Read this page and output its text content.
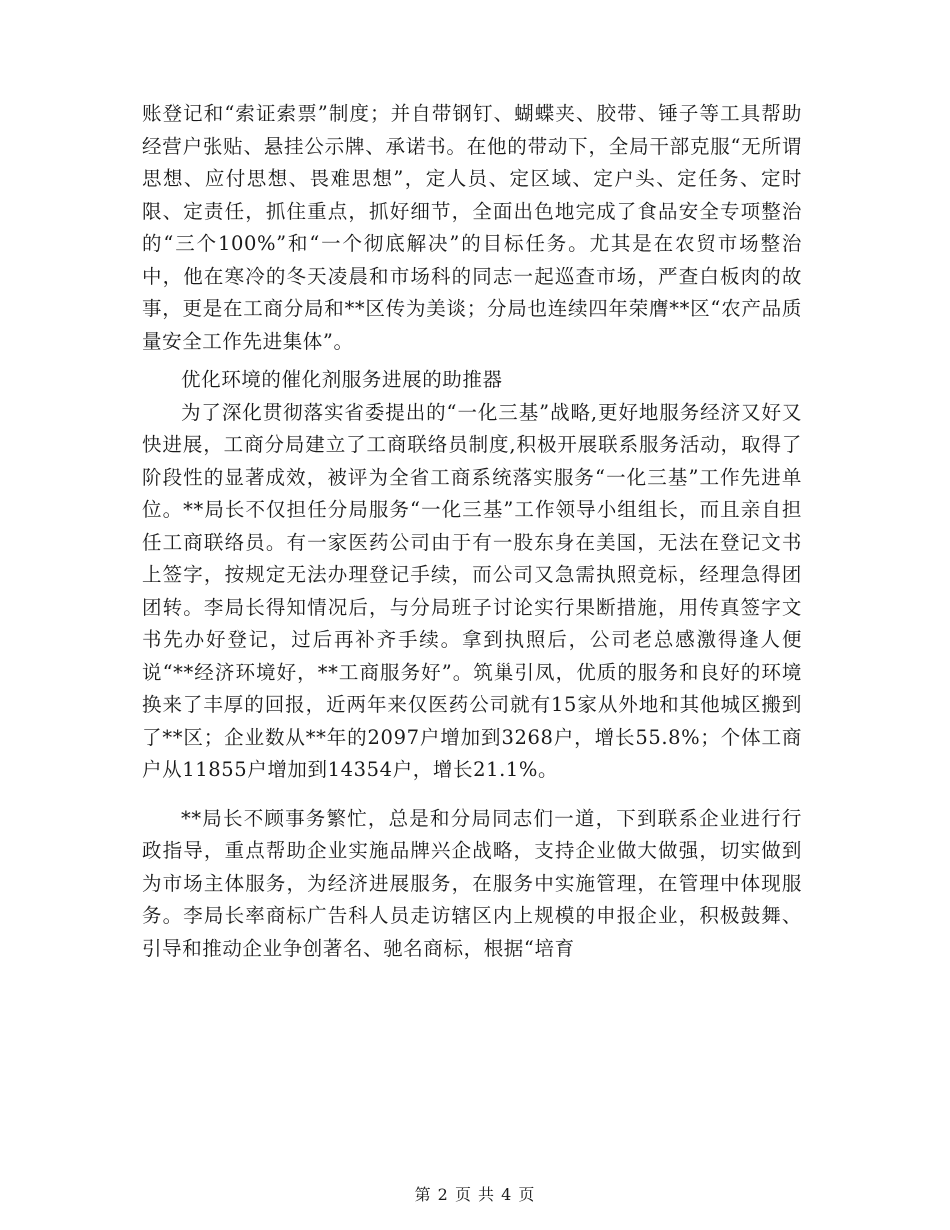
账登记和“索证索票”制度；并自带钢钉、蝴蝶夹、胶带、锤子等工具帮助经营户张贴、悬挂公示牌、承诺书。在他的带动下，全局干部克服“无所谓思想、应付思想、畏难思想”，定人员、定区域、定户头、定任务、定时限、定责任，抓住重点，抓好细节，全面出色地完成了食品安全专项整治的“三个100%”和“一个彻底解决”的目标任务。尤其是在农贸市场整治中，他在寒冷的冬天凌晨和市场科的同志一起巡查市场，严查白板肉的故事，更是在工商分局和**区传为美谈；分局也连续四年荣膺**区“农产品质量安全工作先进集体”。

优化环境的催化剂服务进展的助推器

为了深化贯彻落实省委提出的“一化三基”战略,更好地服务经济又好又快进展，工商分局建立了工商联络员制度,积极开展联系服务活动，取得了阶段性的显著成效，被评为全省工商系统落实服务“一化三基”工作先进单位。**局长不仅担任分局服务“一化三基”工作领导小组组长，而且亲自担任工商联络员。有一家医药公司由于有一股东身在美国，无法在登记文书上签字，按规定无法办理登记手续，而公司又急需执照竞标，经理急得团团转。李局长得知情况后，与分局班子讨论实行果断措施，用传真签字文书先办好登记，过后再补齐手续。拿到执照后，公司老总感激得逢人便说“**经济环境好，**工商服务好”。筑巢引凤，优质的服务和良好的环境换来了丰厚的回报，近两年来仅医药公司就有15家从外地和其他城区搬到了**区；企业数从**年的2097户增加到3268户，增长55.8%；个体工商户从11855户增加到14354户，增长21.1%。

**局长不顾事务繁忙，总是和分局同志们一道，下到联系企业进行行政指导，重点帮助企业实施品牌兴企战略，支持企业做大做强，切实做到为市场主体服务，为经济进展服务，在服务中实施管理，在管理中体现服务。李局长率商标广告科人员走访辖区内上规模的申报企业，积极鼓舞、引导和推动企业争创著名、驰名商标，根据“培育

第 2 页 共 4 页
